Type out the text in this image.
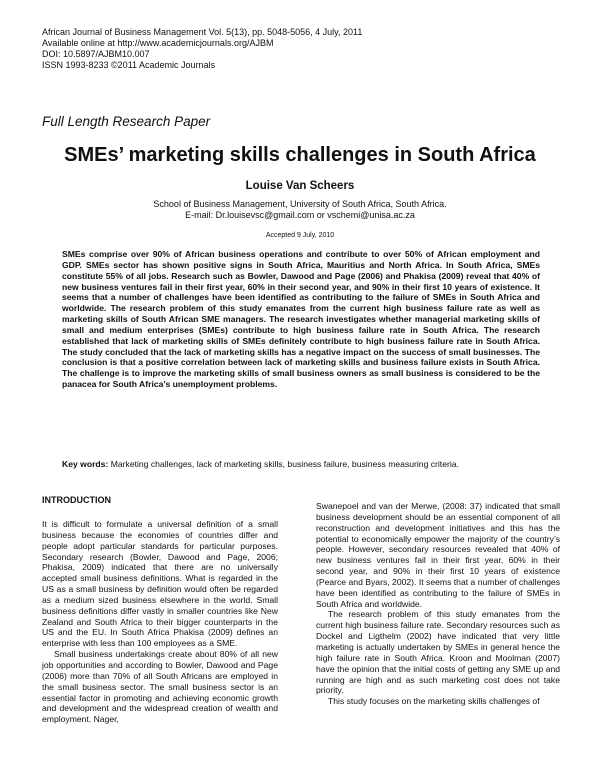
African Journal of Business Management Vol. 5(13), pp. 5048-5056, 4 July, 2011
Available online at http://www.academicjournals.org/AJBM
DOI: 10.5897/AJBM10.007
ISSN 1993-8233 ©2011 Academic Journals
Full Length Research Paper
SMEs’ marketing skills challenges in South Africa
Louise Van Scheers
School of Business Management, University of South Africa, South Africa.
E-mail: Dr.louisevsc@gmail.com or vschemi@unisa.ac.za
Accepted 9 July, 2010
SMEs comprise over 90% of African business operations and contribute to over 50% of African employment and GDP. SMEs sector has shown positive signs in South Africa, Mauritius and North Africa. In South Africa, SMEs constitute 55% of all jobs. Research such as Bowler, Dawood and Page (2006) and Phakisa (2009) reveal that 40% of new business ventures fail in their first year, 60% in their second year, and 90% in their first 10 years of existence. It seems that a number of challenges have been identified as contributing to the failure of SMEs in South Africa and worldwide. The research problem of this study emanates from the current high business failure rate as well as marketing skills of South African SME managers. The research investigates whether managerial marketing skills of small and medium enterprises (SMEs) contribute to high business failure rate in South Africa. The research established that lack of marketing skills of SMEs definitely contribute to high business failure rate in South Africa. The study concluded that the lack of marketing skills has a negative impact on the success of small businesses. The conclusion is that a positive correlation between lack of marketing skills and business failure exists in South Africa. The challenge is to improve the marketing skills of small business owners as small business is considered to be the panacea for South Africa’s unemployment problems.
Key words: Marketing challenges, lack of marketing skills, business failure, business measuring criteria.
INTRODUCTION

It is difficult to formulate a universal definition of a small business because the economies of countries differ and people adopt particular standards for particular purposes. Secondary research (Bowler, Dawood and Page, 2006; Phakisa, 2009) indicated that there are no universally accepted small business definitions. What is regarded in the US as a small business by definition would often be regarded as a medium sized business elsewhere in the world. Small business definitions differ vastly in smaller countries like New Zealand and South Africa to their bigger counterparts in the US and the EU. In South Africa Phakisa (2009) defines an enterprise with less than 100 employees as a SME.

Small business undertakings create about 80% of all new job opportunities and according to Bowler, Dawood and Page (2006) more than 70% of all South Africans are employed in the small business sector. The small business sector is an essential factor in promoting and achieving economic growth and development and the widespread creation of wealth and employment. Nager,

Swanepoel and van der Merwe, (2008: 37) indicated that small business development should be an essential component of all reconstruction and development initiatives and this has the potential to economically empower the majority of the country’s people. However, secondary resources revealed that 40% of new business ventures fail in their first year, 60% in their second year, and 90% in their first 10 years of existence (Pearce and Byars, 2002). It seems that a number of challenges have been identified as contributing to the failure of SMEs in South Africa and worldwide.

The research problem of this study emanates from the current high business failure rate. Secondary resources such as Dockel and Ligthelm (2002) have indicated that very little marketing is actually undertaken by SMEs in general hence the high failure rate in South Africa. Kroon and Moolman (2007) have the opinion that the initial costs of getting any SME up and running are high and as such marketing cost does not take priority.

This study focuses on the marketing skills challenges of
